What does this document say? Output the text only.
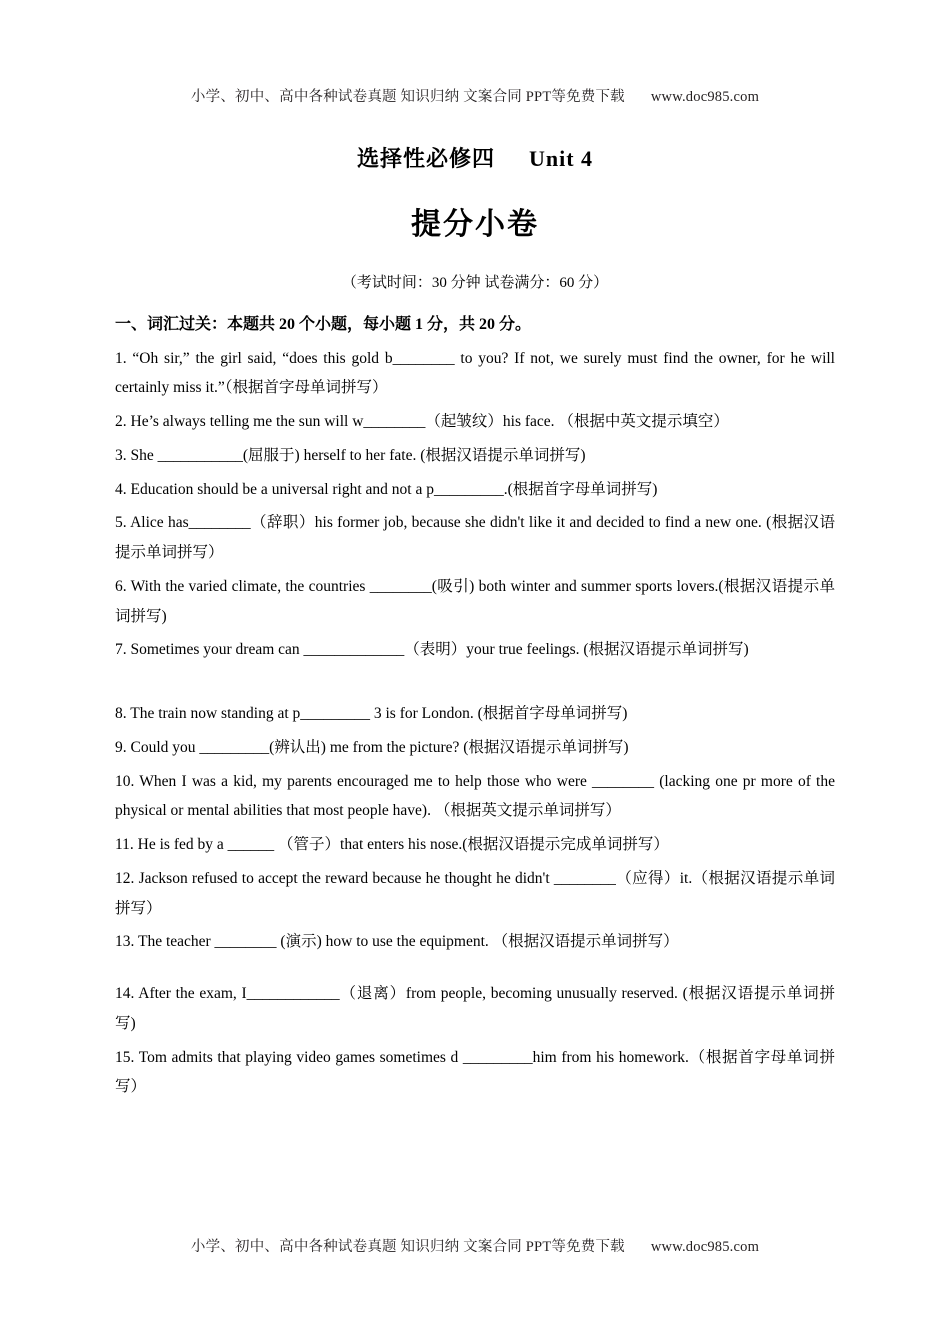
小学、初中、高中各种试卷真题 知识归纳 文案合同 PPT等免费下载 www.doc985.com
选择性必修四 Unit 4
提分小卷
（考试时间：30 分钟 试卷满分：60 分）
一、词汇过关：本题共 20 个小题，每小题 1 分，共 20 分。
1. “Oh sir,” the girl said, “does this gold b________ to you? If not, we surely must find the owner, for he will certainly miss it.”（根据首字母单词拼写）
2. He’s always telling me the sun will w________（起皱纹）his face. （根据中英文提示填空）
3. She ___________(屈服于) herself to her fate. (根据汉语提示单词拼写)
4. Education should be a universal right and not a p_________.(根据首字母单词拼写)
5. Alice has________（辞职）his former job, because she didn't like it and decided to find a new one. (根据汉语提示单词拼写）
6. With the varied climate, the countries ________(吸引) both winter and summer sports lovers.(根据汉语提示单词拼写)
7. Sometimes your dream can _____________（表明）your true feelings. (根据汉语提示单词拼写)
8. The train now standing at p_________ 3 is for London. (根据首字母单词拼写)
9. Could you _________(辨认出) me from the picture? (根据汉语提示单词拼写)
10. When I was a kid, my parents encouraged me to help those who were ________ (lacking one pr more of the physical or mental abilities that most people have). （根据英文提示单词拼写）
11. He is fed by a ______ （管子）that enters his nose.(根据汉语提示完成单词拼写）
12. Jackson refused to accept the reward because he thought he didn't ________（应得）it.（根据汉语提示单词拼写）
13. The teacher ________ (演示) how to use the equipment. （根据汉语提示单词拼写）
14. After the exam, I____________（退离）from people, becoming unusually reserved. (根据汉语提示单词拼写)
15. Tom admits that playing video games sometimes d _________him from his homework.（根据首字母单词拼写）
小学、初中、高中各种试卷真题 知识归纳 文案合同 PPT等免费下载 www.doc985.com
